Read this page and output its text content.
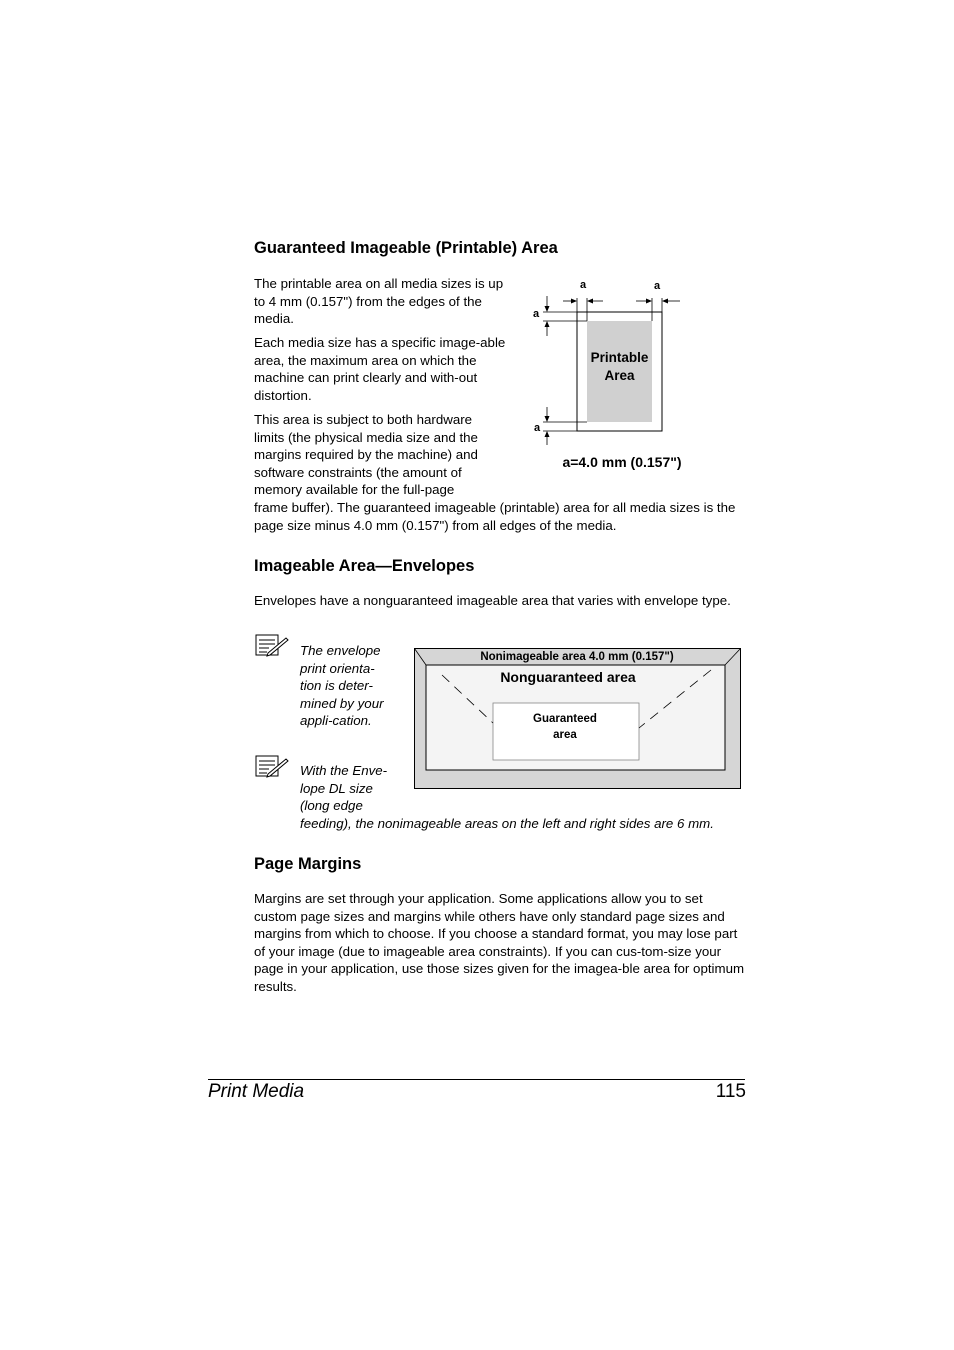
Guaranteed Imageable (Printable) Area

The printable area on all media sizes is up to 4 mm (0.157") from the edges of the media.

Each media size has a specific image-able area, the maximum area on which the machine can print clearly and with-out distortion.

This area is subject to both hardware
limits (the physical media size and the
margins required by the machine) and
software constraints (the amount of
memory available for the full-page

frame buffer). The guaranteed imageable (printable) area for all media sizes is the page size minus 4.0 mm (0.157") from all edges of the media.

a	a
a
a
Printable
Area
a=4.0 mm (0.157")
Imageable Area—Envelopes

Envelopes have a nonguaranteed imageable area that varies with envelope type.

The envelope print orienta-tion is deter-mined by your appli-cation.

With the Enve-lope DL size (long edge

feeding), the nonimageable areas on the left and right sides are 6 mm.

Nonimageable area 4.0 mm (0.157")
Nonguaranteed area
Guaranteed
area
Page Margins

Margins are set through your application. Some applications allow you to set custom page sizes and margins while others have only standard page sizes and margins from which to choose. If you choose a standard format, you may lose part of your image (due to imageable area constraints). If you can cus-tom-size your page in your application, use those sizes given for the imagea-ble area for optimum results.

Print Media	115
